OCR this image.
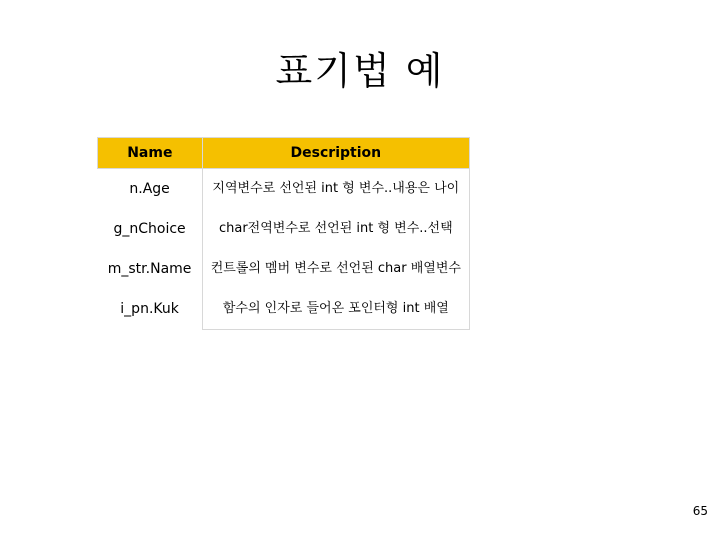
표기법 예
Name	Description
n.Age	지역변수로 선언된 int 형 변수..내용은 나이
g_nChoice	char전역변수로 선언된 int 형 변수..선택
m_str.Name	컨트롤의 멤버 변수로 선언된 char 배열변수
i_pn.Kuk	함수의 인자로 들어온 포인터형 int 배열
65
